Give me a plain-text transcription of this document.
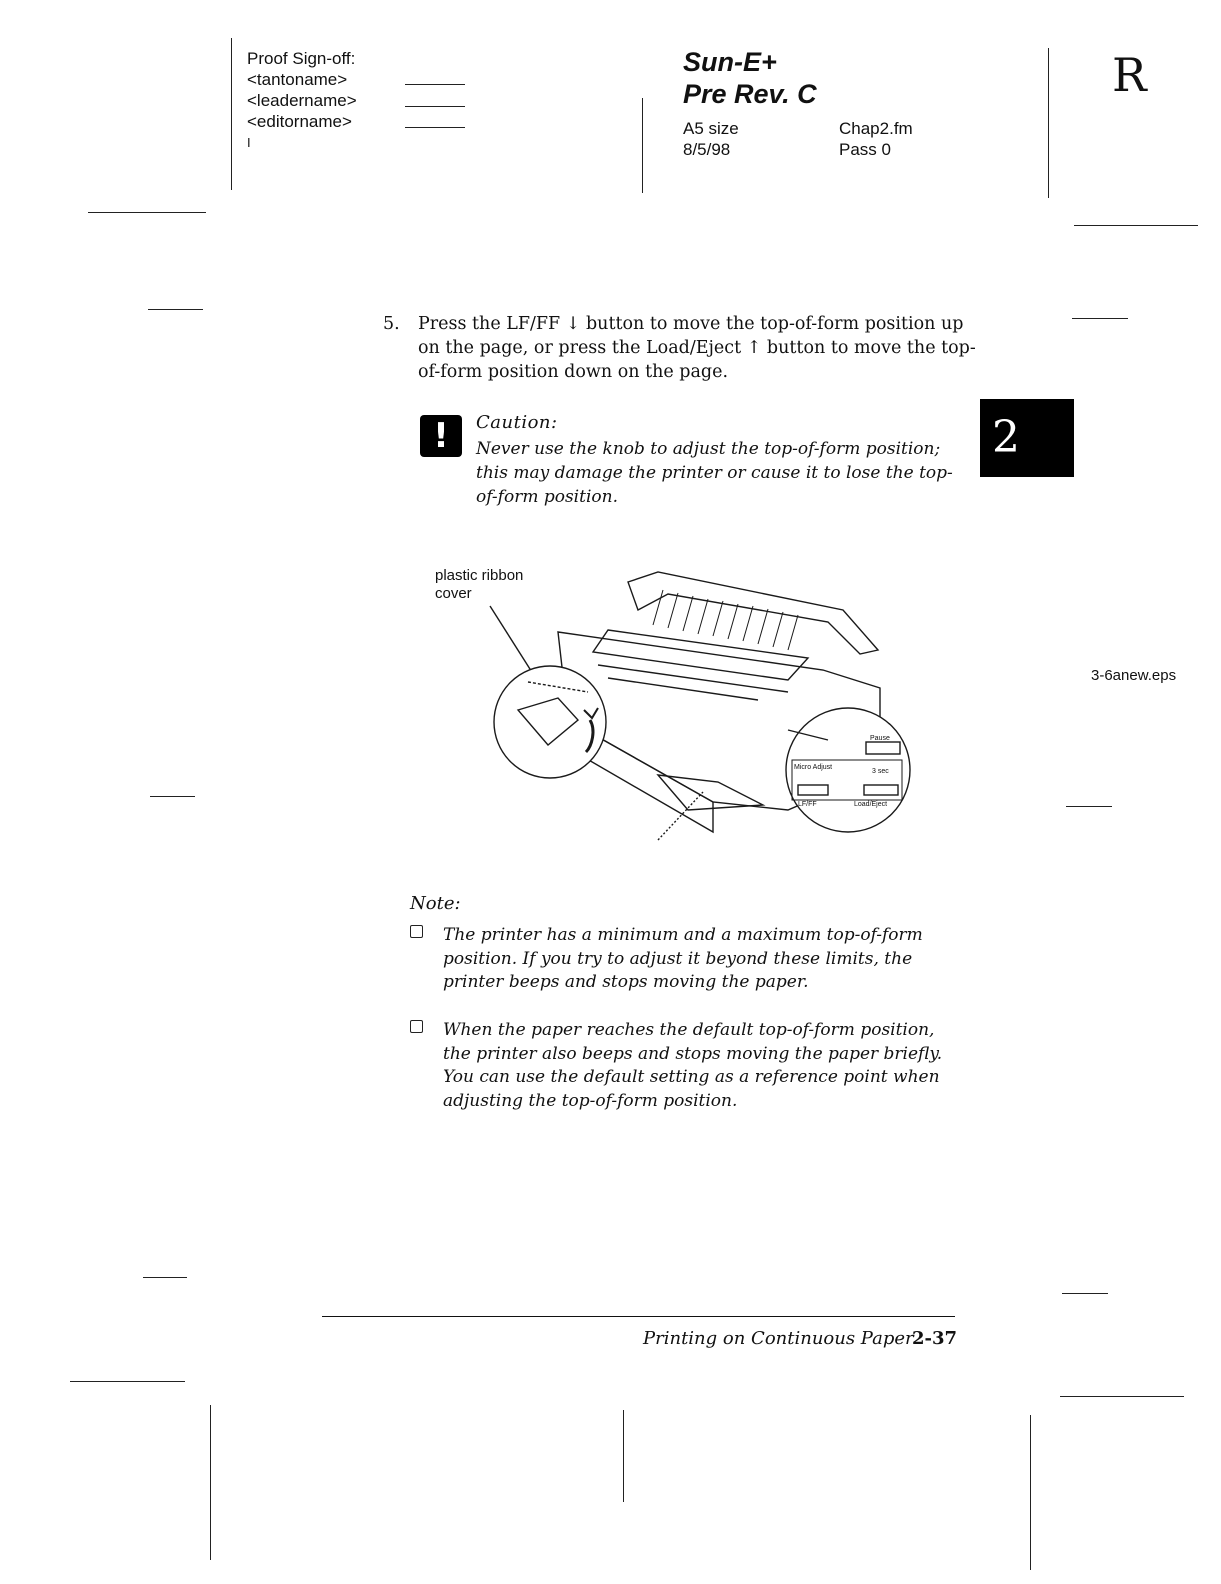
Proof Sign-off:
<tantoname>
<leadername>
<editorname>
I
Sun-E+
Pre Rev. C
A5 size
8/5/98
Chap2.fm
Pass 0
R
5. Press the LF/FF ↓ button to move the top-of-form position up on the page, or press the Load/Eject ↑ button to move the top-of-form position down on the page.
!	Caution:
Never use the knob to adjust the top-of-form position; this may damage the printer or cause it to lose the top-of-form position.
2
plastic ribbon cover
3-6anew.eps
Pause
Micro Adjust
3 sec
LF/FF	Load/Eject
Note:
The printer has a minimum and a maximum top-of-form position. If you try to adjust it beyond these limits, the printer beeps and stops moving the paper.
When the paper reaches the default top-of-form position, the printer also beeps and stops moving the paper briefly. You can use the default setting as a reference point when adjusting the top-of-form position.
Printing on Continuous Paper
2-37
